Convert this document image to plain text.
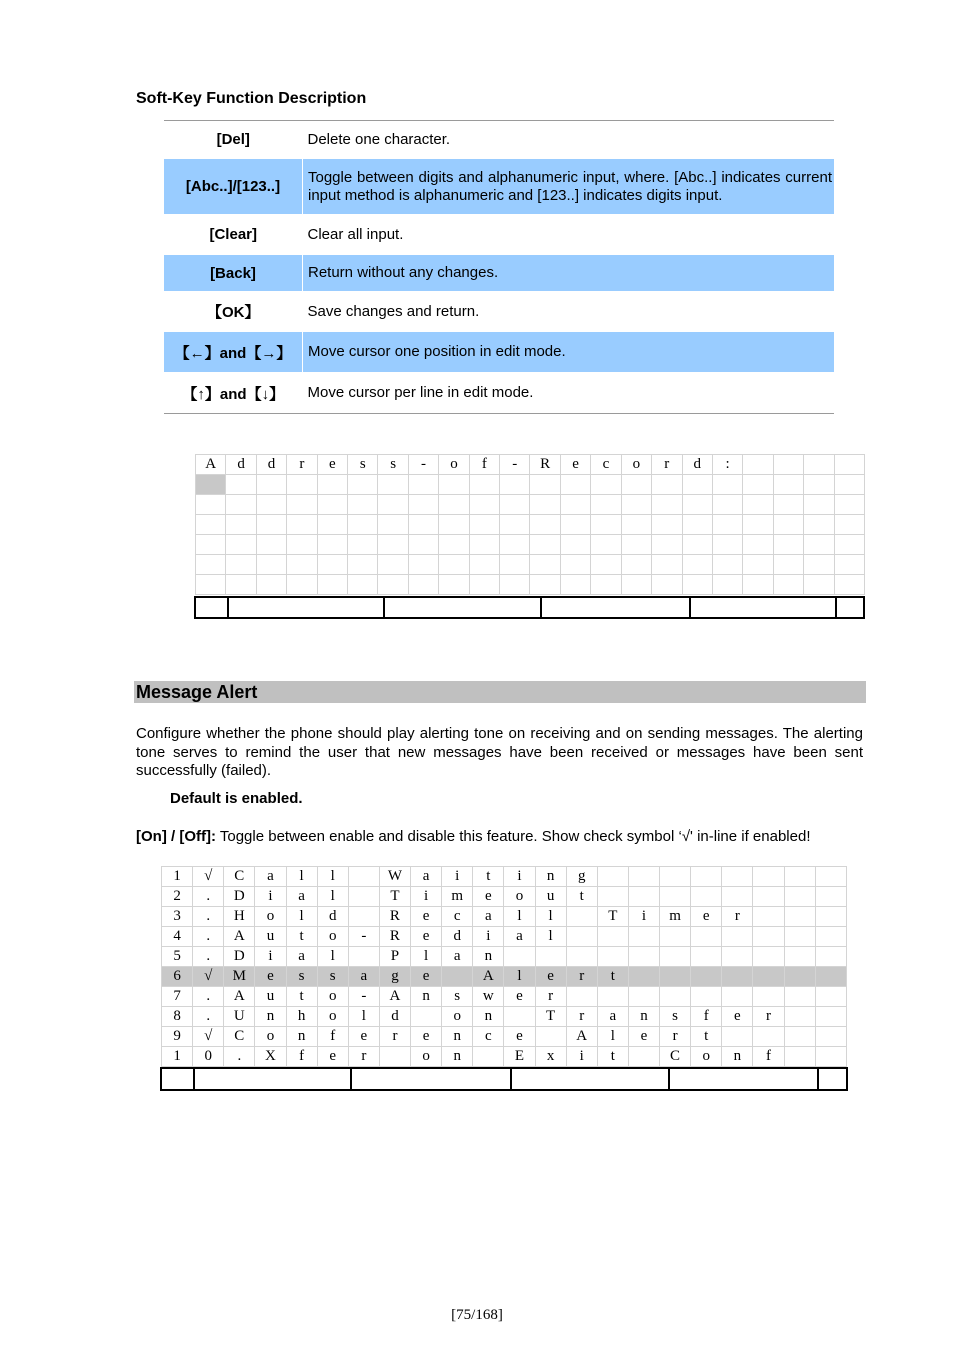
Soft-Key Function Description
[Del]	Delete one character.
[Abc..]/[123..]	Toggle between digits and alphanumeric input, where. [Abc..] indicates current input method is alphanumeric and [123..] indicates digits input.
[Clear]	Clear all input.
[Back]	Return without any changes.
【OK】	Save changes and return.
【←】and【→】	Move cursor one position in edit mode.
【↑】and【↓】	Move cursor per line in edit mode.
A	d	d	r	e	s	s	-	o	f	-	R	e	c	o	r	d	:				

Message Alert
Configure whether the phone should play alerting tone on receiving and on sending messages. The alerting tone serves to remind the user that new messages have been received or messages have been sent successfully (failed).
Default is enabled.
[On] / [Off]: Toggle between enable and disable this feature. Show check symbol ‘√' in-line if enabled!
1	√	C	a	l	l		W	a	i	t	i	n	g								
2	.	D	i	a	l		T	i	m	e	o	u	t								
3	.	H	o	l	d		R	e	c	a	l	l		T	i	m	e	r			
4	.	A	u	t	o	-	R	e	d	i	a	l									
5	.	D	i	a	l		P	l	a	n											
6	√	M	e	s	s	a	g	e		A	l	e	r	t							
7	.	A	u	t	o	-	A	n	s	w	e	r									
8	.	U	n	h	o	l	d		o	n		T	r	a	n	s	f	e	r		
9	√	C	o	n	f	e	r	e	n	c	e		A	l	e	r	t				
1	0	.	X	f	e	r		o	n		E	x	i	t		C	o	n	f		
[75/168]
